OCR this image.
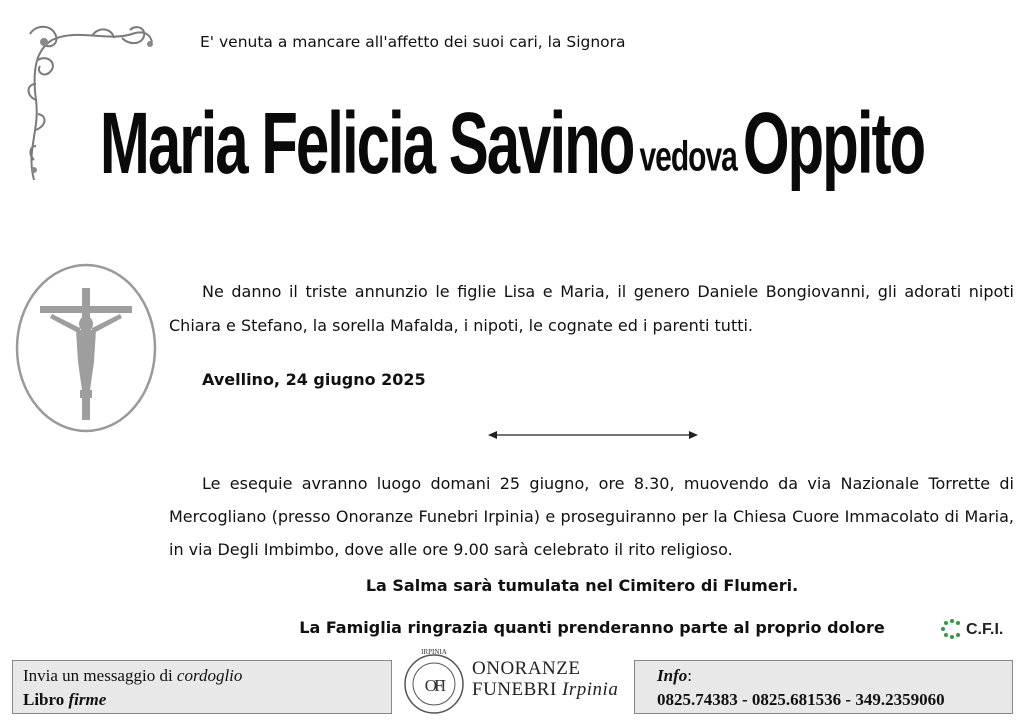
E' venuta a mancare all'affetto dei suoi cari, la Signora
Maria Felicia Savino vedova Oppito
Ne danno il triste annunzio le figlie Lisa e Maria, il genero Daniele Bongiovanni, gli adorati nipoti Chiara e Stefano, la sorella Mafalda, i nipoti, le cognate ed i parenti tutti.
Avellino, 24 giugno 2025
Le esequie avranno luogo domani 25 giugno, ore 8.30, muovendo da via Nazionale Torrette di Mercogliano (presso Onoranze Funebri Irpinia) e proseguiranno per la Chiesa Cuore Immacolato di Maria, in via Degli Imbimbo, dove alle ore 9.00 sarà celebrato il rito religioso.
La Salma sarà tumulata nel Cimitero di Flumeri.
La Famiglia ringrazia quanti prenderanno parte al proprio dolore	C.F.I.
Invia un messaggio di cordoglio
Libro firme
IRPINIA
OFI
ONORANZE
FUNEBRI Irpinia
Info:
0825.74383 - 0825.681536 - 349.2359060
